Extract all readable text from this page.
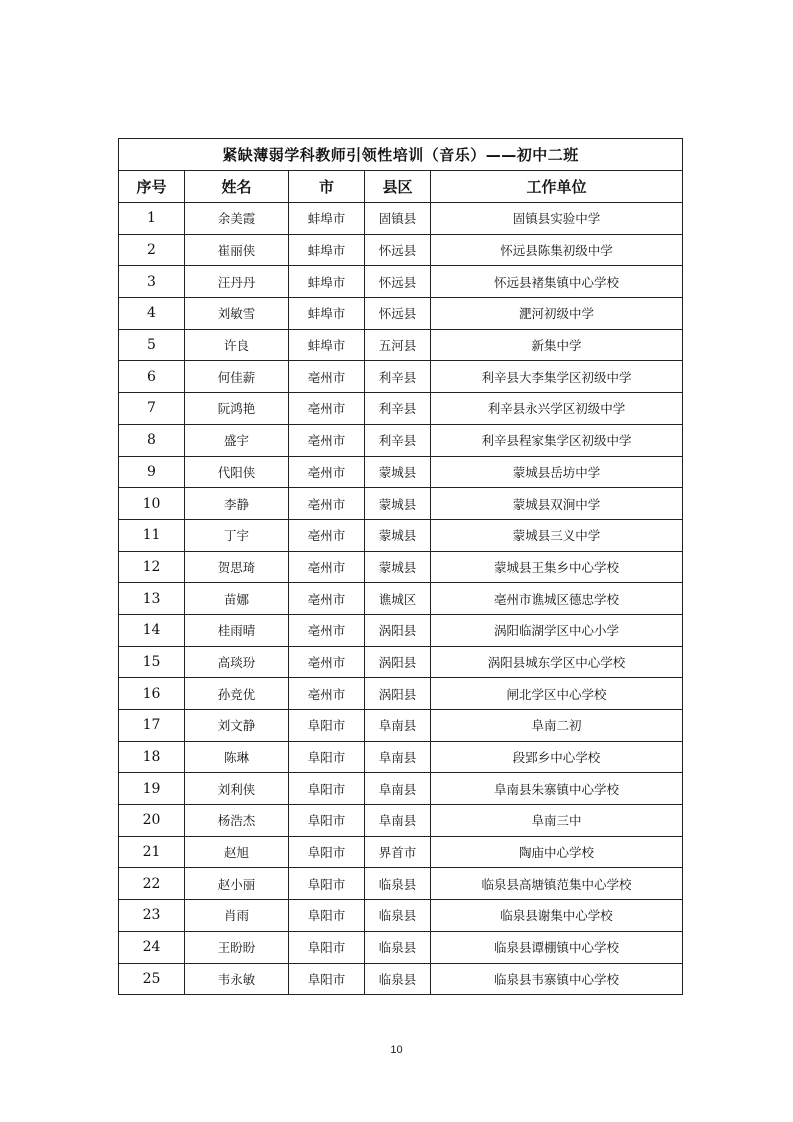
紧缺薄弱学科教师引领性培训（音乐）——初中二班				
序号	姓名	市	县区	工作单位
1	余美霞	蚌埠市	固镇县	固镇县实验中学
2	崔丽侠	蚌埠市	怀远县	怀远县陈集初级中学
3	汪丹丹	蚌埠市	怀远县	怀远县褚集镇中心学校
4	刘敏雪	蚌埠市	怀远县	淝河初级中学
5	许良	蚌埠市	五河县	新集中学
6	何佳薪	亳州市	利辛县	利辛县大李集学区初级中学
7	阮鸿艳	亳州市	利辛县	利辛县永兴学区初级中学
8	盛宇	亳州市	利辛县	利辛县程家集学区初级中学
9	代阳侠	亳州市	蒙城县	蒙城县岳坊中学
10	李静	亳州市	蒙城县	蒙城县双涧中学
11	丁宇	亳州市	蒙城县	蒙城县三义中学
12	贺思琦	亳州市	蒙城县	蒙城县王集乡中心学校
13	苗娜	亳州市	谯城区	亳州市谯城区德忠学校
14	桂雨晴	亳州市	涡阳县	涡阳临湖学区中心小学
15	高琰玢	亳州市	涡阳县	涡阳县城东学区中心学校
16	孙竞优	亳州市	涡阳县	闸北学区中心学校
17	刘文静	阜阳市	阜南县	阜南二初
18	陈琳	阜阳市	阜南县	段郢乡中心学校
19	刘利侠	阜阳市	阜南县	阜南县朱寨镇中心学校
20	杨浩杰	阜阳市	阜南县	阜南三中
21	赵旭	阜阳市	界首市	陶庙中心学校
22	赵小丽	阜阳市	临泉县	临泉县高塘镇范集中心学校
23	肖雨	阜阳市	临泉县	临泉县谢集中心学校
24	王盼盼	阜阳市	临泉县	临泉县谭棚镇中心学校
25	韦永敏	阜阳市	临泉县	临泉县韦寨镇中心学校
10
